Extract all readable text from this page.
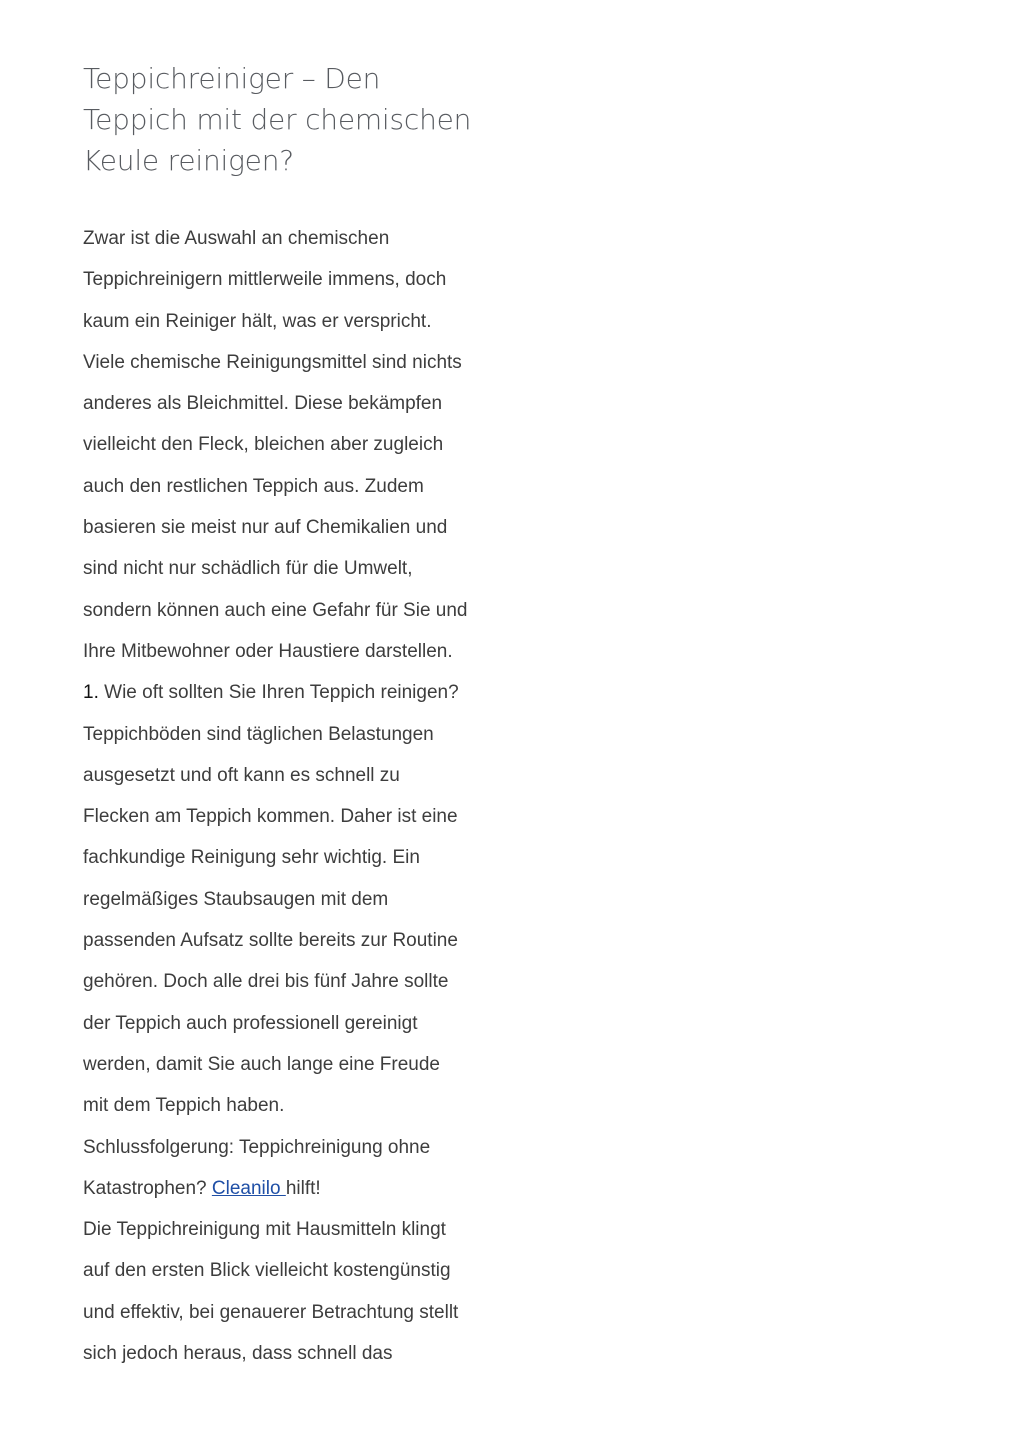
Teppichreiniger – Den
Teppich mit der chemischen
Keule reinigen?
Zwar ist die Auswahl an chemischen
Teppichreinigern mittlerweile immens, doch
kaum ein Reiniger hält, was er verspricht.
Viele chemische Reinigungsmittel sind nichts
anderes als Bleichmittel. Diese bekämpfen
vielleicht den Fleck, bleichen aber zugleich
auch den restlichen Teppich aus. Zudem
basieren sie meist nur auf Chemikalien und
sind nicht nur schädlich für die Umwelt,
sondern können auch eine Gefahr für Sie und
Ihre Mitbewohner oder Haustiere darstellen.
1. Wie oft sollten Sie Ihren Teppich reinigen?
Teppichböden sind täglichen Belastungen
ausgesetzt und oft kann es schnell zu
Flecken am Teppich kommen. Daher ist eine
fachkundige Reinigung sehr wichtig. Ein
regelmäßiges Staubsaugen mit dem
passenden Aufsatz sollte bereits zur Routine
gehören. Doch alle drei bis fünf Jahre sollte
der Teppich auch professionell gereinigt
werden, damit Sie auch lange eine Freude
mit dem Teppich haben.
Schlussfolgerung: Teppichreinigung ohne
Katastrophen? Cleanilo hilft!
Die Teppichreinigung mit Hausmitteln klingt
auf den ersten Blick vielleicht kostengünstig
und effektiv, bei genauerer Betrachtung stellt
sich jedoch heraus, dass schnell das
